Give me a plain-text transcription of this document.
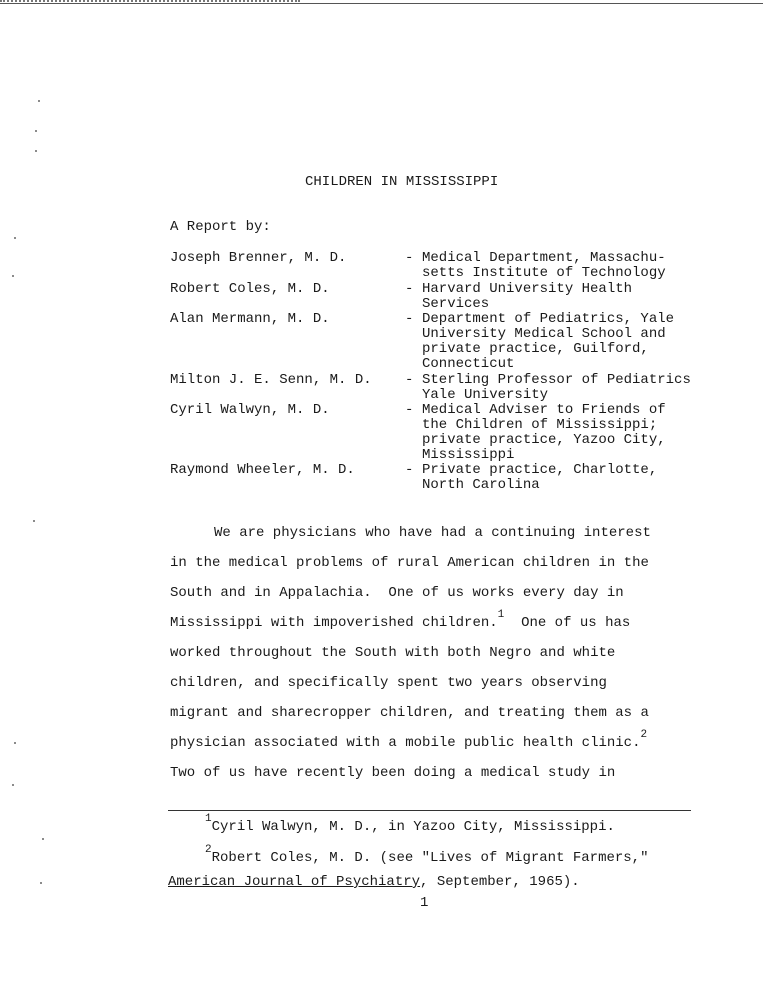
CHILDREN IN MISSISSIPPI
A Report by:
Joseph Brenner, M. D.	- Medical Department, Massachu-
setts Institute of Technology
Robert Coles, M. D.	- Harvard University Health
Services
Alan Mermann, M. D.	- Department of Pediatrics, Yale
University Medical School and
private practice, Guilford,
Connecticut
Milton J. E. Senn, M. D. - Sterling Professor of Pediatrics
Yale University
Cyril Walwyn, M. D.	- Medical Adviser to Friends of
the Children of Mississippi;
private practice, Yazoo City,
Mississippi
Raymond Wheeler, M. D.	- Private practice, Charlotte,
North Carolina
We are physicians who have had a continuing interest
in the medical problems of rural American children in the
South and in Appalachia.  One of us works every day in
Mississippi with impoverished children.$^1$  One of us has
worked throughout the South with both Negro and white
children, and specifically spent two years observing
migrant and sharecropper children, and treating them as a
physician associated with a mobile public health clinic.$^2$
Two of us have recently been doing a medical study in
$^1$Cyril Walwyn, M. D., in Yazoo City, Mississippi.
$^2$Robert Coles, M. D. (see "Lives of Migrant Farmers,"
American Journal of Psychiatry, September, 1965).
1
